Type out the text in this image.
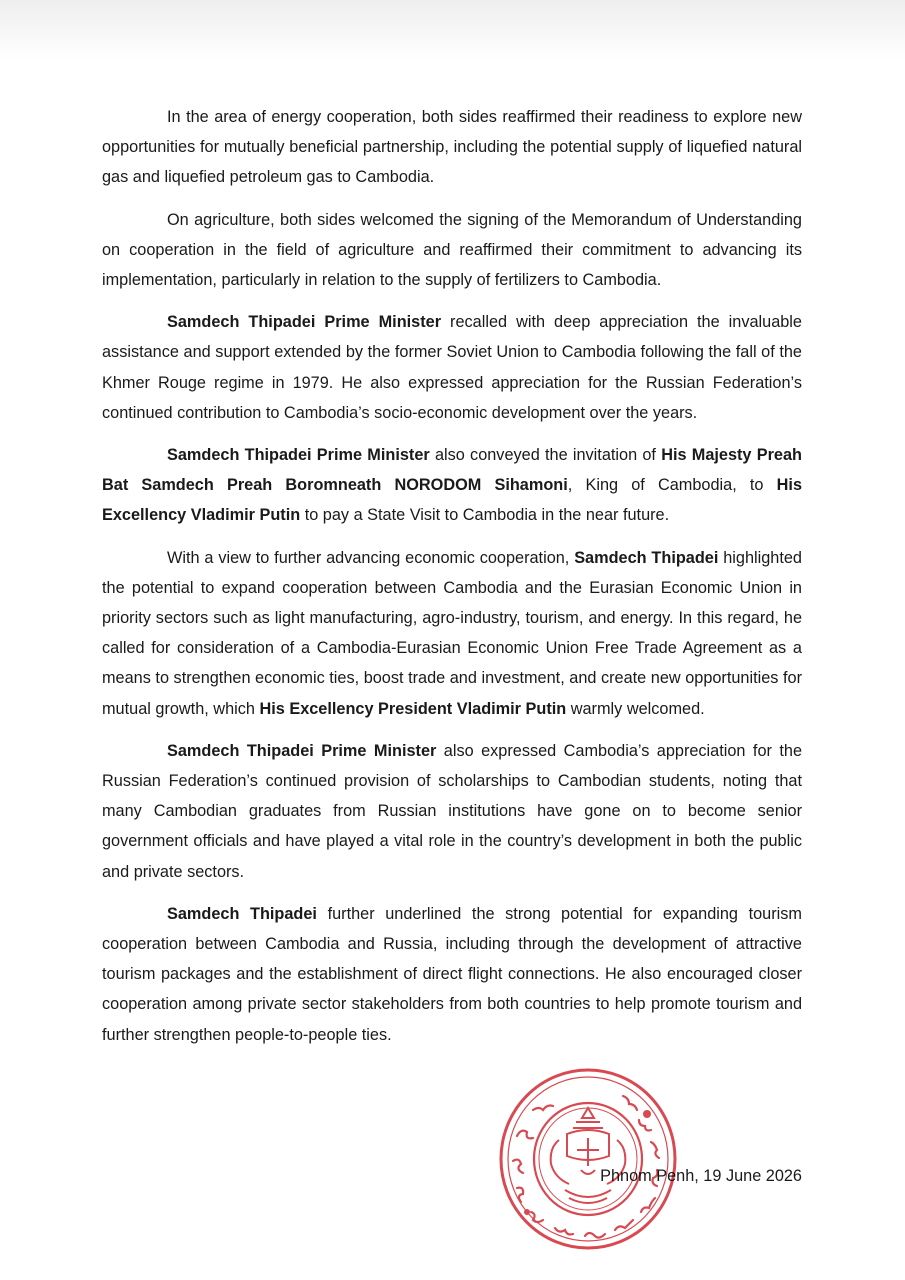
In the area of energy cooperation, both sides reaffirmed their readiness to explore new opportunities for mutually beneficial partnership, including the potential supply of liquefied natural gas and liquefied petroleum gas to Cambodia.

On agriculture, both sides welcomed the signing of the Memorandum of Understanding on cooperation in the field of agriculture and reaffirmed their commitment to advancing its implementation, particularly in relation to the supply of fertilizers to Cambodia.

Samdech Thipadei Prime Minister recalled with deep appreciation the invaluable assistance and support extended by the former Soviet Union to Cambodia following the fall of the Khmer Rouge regime in 1979. He also expressed appreciation for the Russian Federation’s continued contribution to Cambodia’s socio-economic development over the years.

Samdech Thipadei Prime Minister also conveyed the invitation of His Majesty Preah Bat Samdech Preah Boromneath NORODOM Sihamoni, King of Cambodia, to His Excellency Vladimir Putin to pay a State Visit to Cambodia in the near future.

With a view to further advancing economic cooperation, Samdech Thipadei highlighted the potential to expand cooperation between Cambodia and the Eurasian Economic Union in priority sectors such as light manufacturing, agro-industry, tourism, and energy. In this regard, he called for consideration of a Cambodia-Eurasian Economic Union Free Trade Agreement as a means to strengthen economic ties, boost trade and investment, and create new opportunities for mutual growth, which His Excellency President Vladimir Putin warmly welcomed.

Samdech Thipadei Prime Minister also expressed Cambodia’s appreciation for the Russian Federation’s continued provision of scholarships to Cambodian students, noting that many Cambodian graduates from Russian institutions have gone on to become senior government officials and have played a vital role in the country’s development in both the public and private sectors.

Samdech Thipadei further underlined the strong potential for expanding tourism cooperation between Cambodia and Russia, including through the development of attractive tourism packages and the establishment of direct flight connections. He also encouraged closer cooperation among private sector stakeholders from both countries to help promote tourism and further strengthen people-to-people ties.

Phnom Penh, 19 June 2026
